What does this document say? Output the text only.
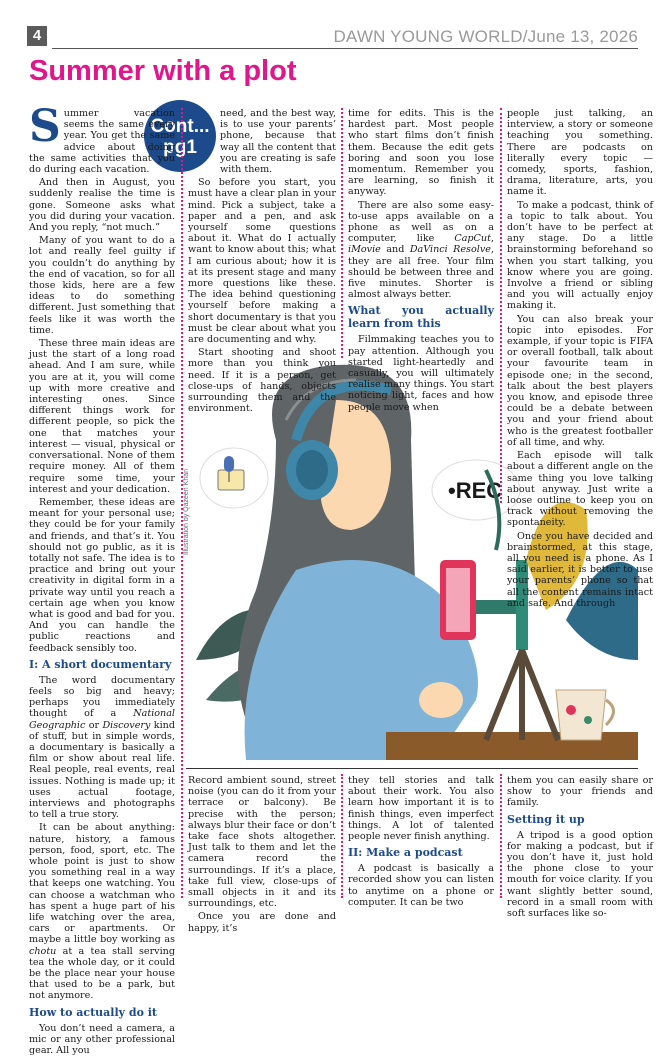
4	DAWN YOUNG WORLD/June 13, 2026
Summer with a plot
Cont...
pg1
•REC
Illustration by Qazeen Khan

S ummer vacation seems the same every year. You get the same advice about doing the same activities that you do during each vacation.

And then in August, you suddenly realise the time is gone. Someone asks what you did during your vacation. And you reply, “not much.”

Many of you want to do a lot and really feel guilty if you couldn’t do anything by the end of vacation, so for all those kids, here are a few ideas to do something different. Just something that feels like it was worth the time.

These three main ideas are just the start of a long road ahead. And I am sure, while you are at it, you will come up with more creative and interesting ones. Since different things work for different people, so pick the one that matches your interest — visual, physical or conversational. None of them require money. All of them require some time, your interest and your dedication.

Remember, these ideas are meant for your personal use; they could be for your family and friends, and that’s it. You should not go public, as it is totally not safe. The idea is to practice and bring out your creativity in digital form in a private way until you reach a certain age when you know what is good and bad for you. And you can handle the public reactions and feedback sensibly too.

I: A short documentary

The word documentary feels so big and heavy; perhaps you immediately thought of a National Geographic or Discovery kind of stuff, but in simple words, a documentary is basically a film or show about real life. Real people, real events, real issues. Nothing is made up; it uses actual footage, interviews and photographs to tell a true story.

It can be about anything: nature, history, a famous person, food, sport, etc. The whole point is just to show you something real in a way that keeps one watching. You can choose a watchman who has spent a huge part of his life watching over the area, cars or apartments. Or maybe a little boy working as chotu at a tea stall serving tea the whole day, or it could be the place near your house that used to be a park, but not anymore.

How to actually do it

You don’t need a camera, a mic or any other professional gear. All you

need, and the best way, is to use your parents’ phone, because that way all the content that you are creating is safe with them.

So before you start, you must have a clear plan in your mind. Pick a subject, take a paper and a pen, and ask yourself some questions about it. What do I actually want to know about this; what I am curious about; how it is at its present stage and many more questions like these. The idea behind questioning yourself before making a short documentary is that you must be clear about what you are documenting and why.

Start shooting and shoot more than you think you need. If it is a person, get close-ups of hands, objects surrounding them and the environment.

Record ambient sound, street noise (you can do it from your terrace or balcony). Be precise with the person; always blur their face or don’t take face shots altogether. Just talk to them and let the camera record the surroundings. If it’s a place, take full view, close-ups of small objects in it and its surroundings, etc.

Once you are done and happy, it’s

time for edits. This is the hardest part. Most people who start films don’t finish them. Because the edit gets boring and soon you lose momentum. Remember you are learning, so finish it anyway.

There are also some easy-to-use apps available on a phone as well as on a computer, like CapCut, iMovie and DaVinci Resolve, they are all free. Your film should be between three and five minutes. Shorter is almost always better.

What you actually learn from this

Filmmaking teaches you to pay attention. Although you started light-heartedly and casually, you will ultimately realise many things. You start noticing light, faces and how people move when

they tell stories and talk about their work. You also learn how important it is to finish things, even imperfect things. A lot of talented people never finish anything.

II: Make a podcast

A podcast is basically a recorded show you can listen to anytime on a phone or computer. It can be two

people just talking, an interview, a story or someone teaching you something. There are podcasts on literally every topic — comedy, sports, fashion, drama, literature, arts, you name it.

To make a podcast, think of a topic to talk about. You don’t have to be perfect at any stage. Do a little brainstorming beforehand so when you start talking, you know where you are going. Involve a friend or sibling and you will actually enjoy making it.

You can also break your topic into episodes. For example, if your topic is FIFA or overall football, talk about your favourite team in episode one; in the second, talk about the best players you know, and episode three could be a debate between you and your friend about who is the greatest footballer of all time, and why.

Each episode will talk about a different angle on the same thing you love talking about anyway. Just write a loose outline to keep you on track without removing the spontaneity.

Once you have decided and brainstormed, at this stage, all you need is a phone. As I said earlier, it is better to use your parents’ phone so that all the content remains intact and safe. And through

them you can easily share or show to your friends and family.

Setting it up

A tripod is a good option for making a podcast, but if you don’t have it, just hold the phone close to your mouth for voice clarity. If you want slightly better sound, record in a small room with soft surfaces like so-
